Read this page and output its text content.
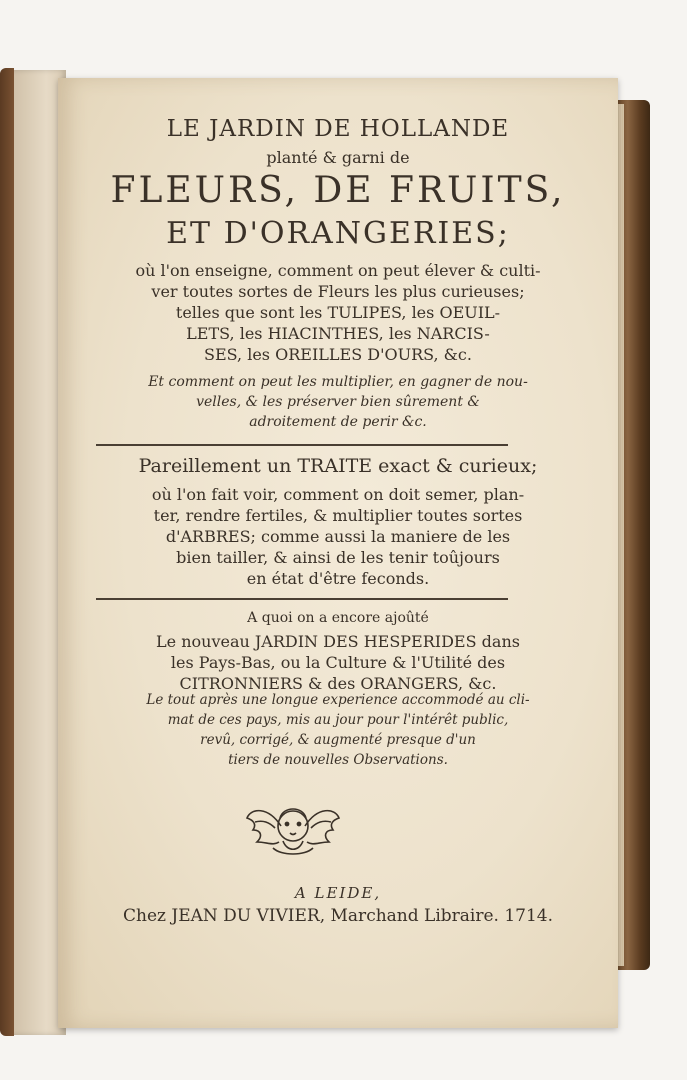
LE JARDIN DE HOLLANDE
planté & garni de
FLEURS, DE FRUITS,
ET D'ORANGERIES;
où l'on enseigne, comment on peut élever & culti-
ver toutes sortes de Fleurs les plus curieuses;
telles que sont les TULIPES, les OEUIL-
LETS, les HIACINTHES, les NARCIS-
SES, les OREILLES D'OURS, &c.
Et comment on peut les multiplier, en gagner de nou-
velles, & les préserver bien sûrement &
adroitement de perir &c.
Pareillement un TRAITE exact & curieux;
où l'on fait voir, comment on doit semer, plan-
ter, rendre fertiles, & multiplier toutes sortes
d'ARBRES; comme aussi la maniere de les
bien tailler, & ainsi de les tenir toûjours
en état d'être feconds.
A quoi on a encore ajoûté
Le nouveau JARDIN DES HESPERIDES dans
les Pays-Bas, ou la Culture & l'Utilité des
CITRONNIERS & des ORANGERS, &c.
Le tout après une longue experience accommodé au cli-
mat de ces pays, mis au jour pour l'intérêt public,
revû, corrigé, & augmenté presque d'un
tiers de nouvelles Observations.
A LEIDE,
Chez JEAN DU VIVIER, Marchand Libraire. 1714.
